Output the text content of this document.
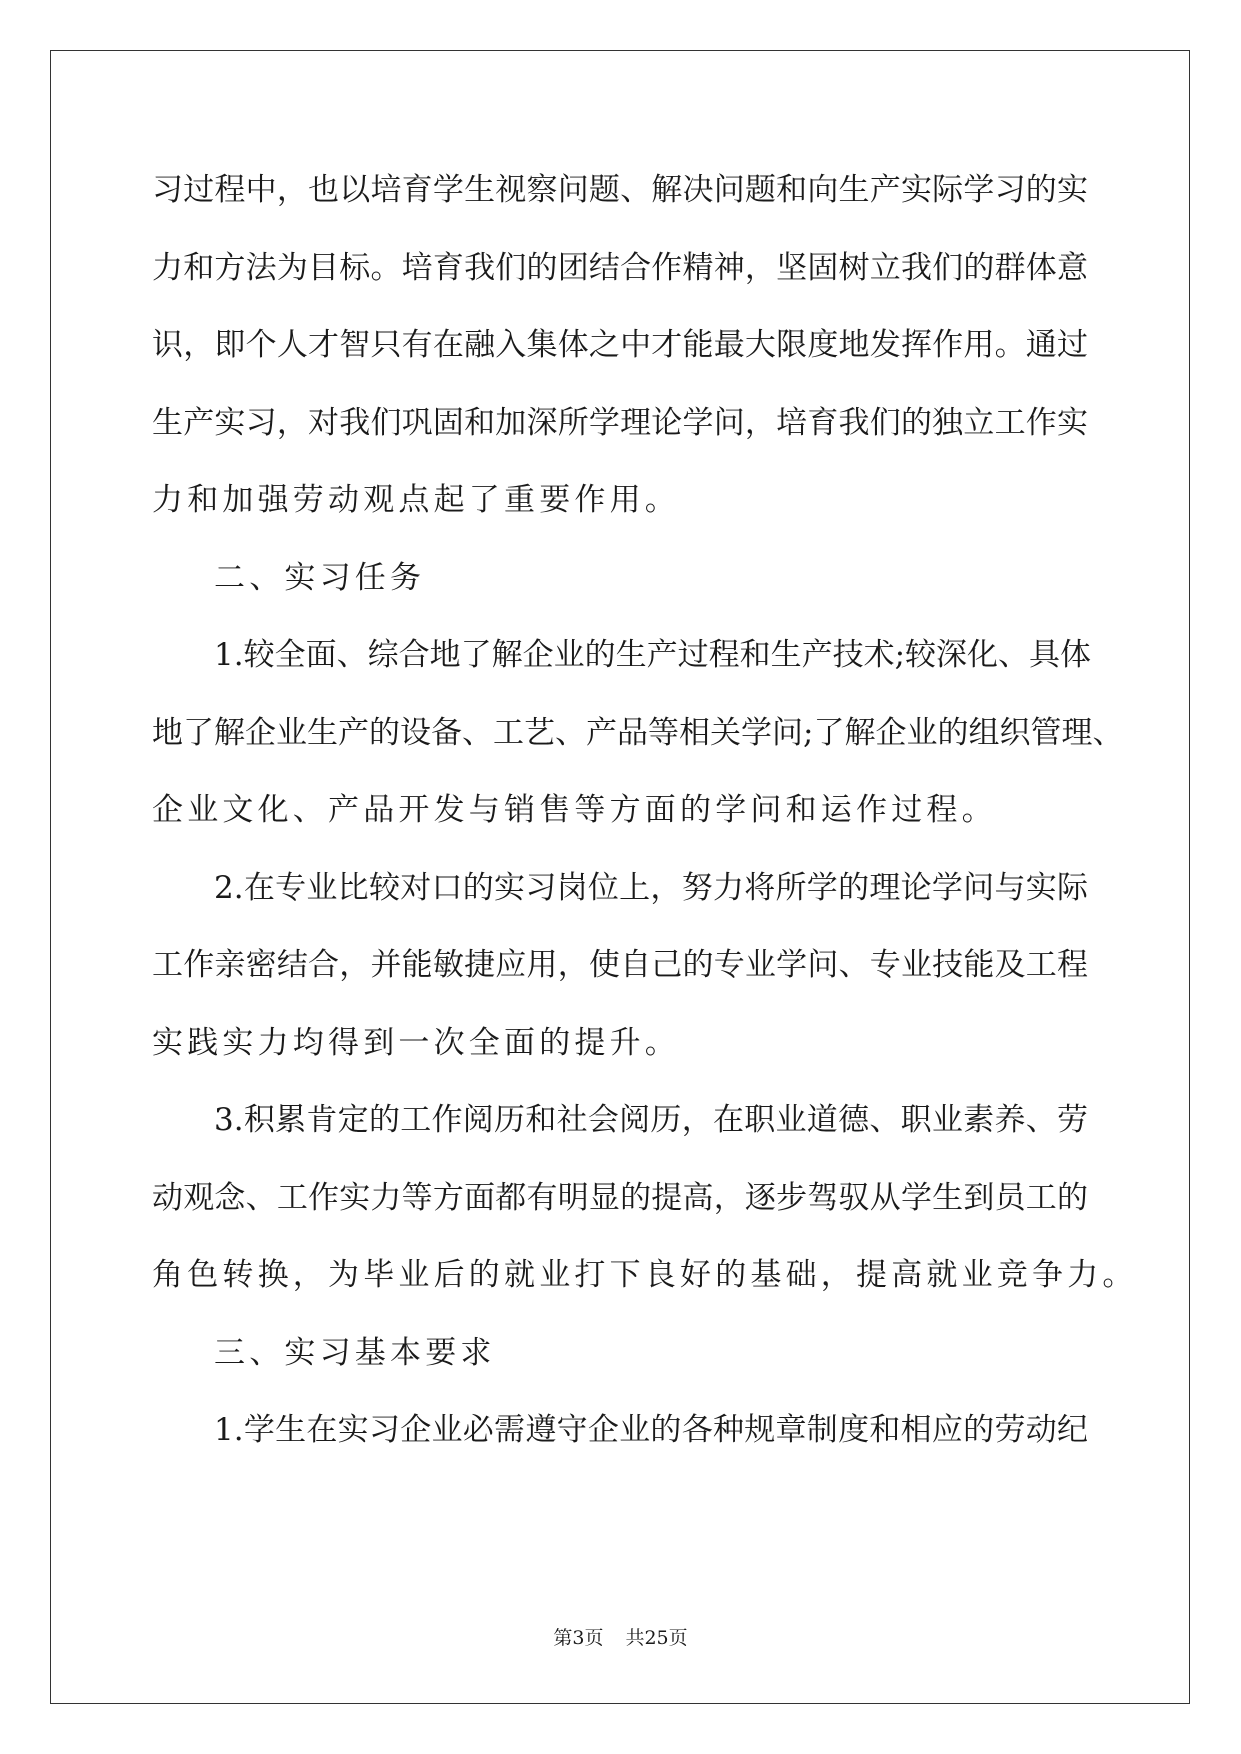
习过程中，也以培育学生视察问题、解决问题和向生产实际学习的实
力和方法为目标。培育我们的团结合作精神，坚固树立我们的群体意
识，即个人才智只有在融入集体之中才能最大限度地发挥作用。通过
生产实习，对我们巩固和加深所学理论学问，培育我们的独立工作实
力和加强劳动观点起了重要作用。
二、实习任务
1.较全面、综合地了解企业的生产过程和生产技术;较深化、具体
地了解企业生产的设备、工艺、产品等相关学问;了解企业的组织管理、
企业文化、产品开发与销售等方面的学问和运作过程。
2.在专业比较对口的实习岗位上，努力将所学的理论学问与实际
工作亲密结合，并能敏捷应用，使自己的专业学问、专业技能及工程
实践实力均得到一次全面的提升。
3.积累肯定的工作阅历和社会阅历，在职业道德、职业素养、劳
动观念、工作实力等方面都有明显的提高，逐步驾驭从学生到员工的
角色转换，为毕业后的就业打下良好的基础，提高就业竞争力。
三、实习基本要求
1.学生在实习企业必需遵守企业的各种规章制度和相应的劳动纪
第3页 共25页
